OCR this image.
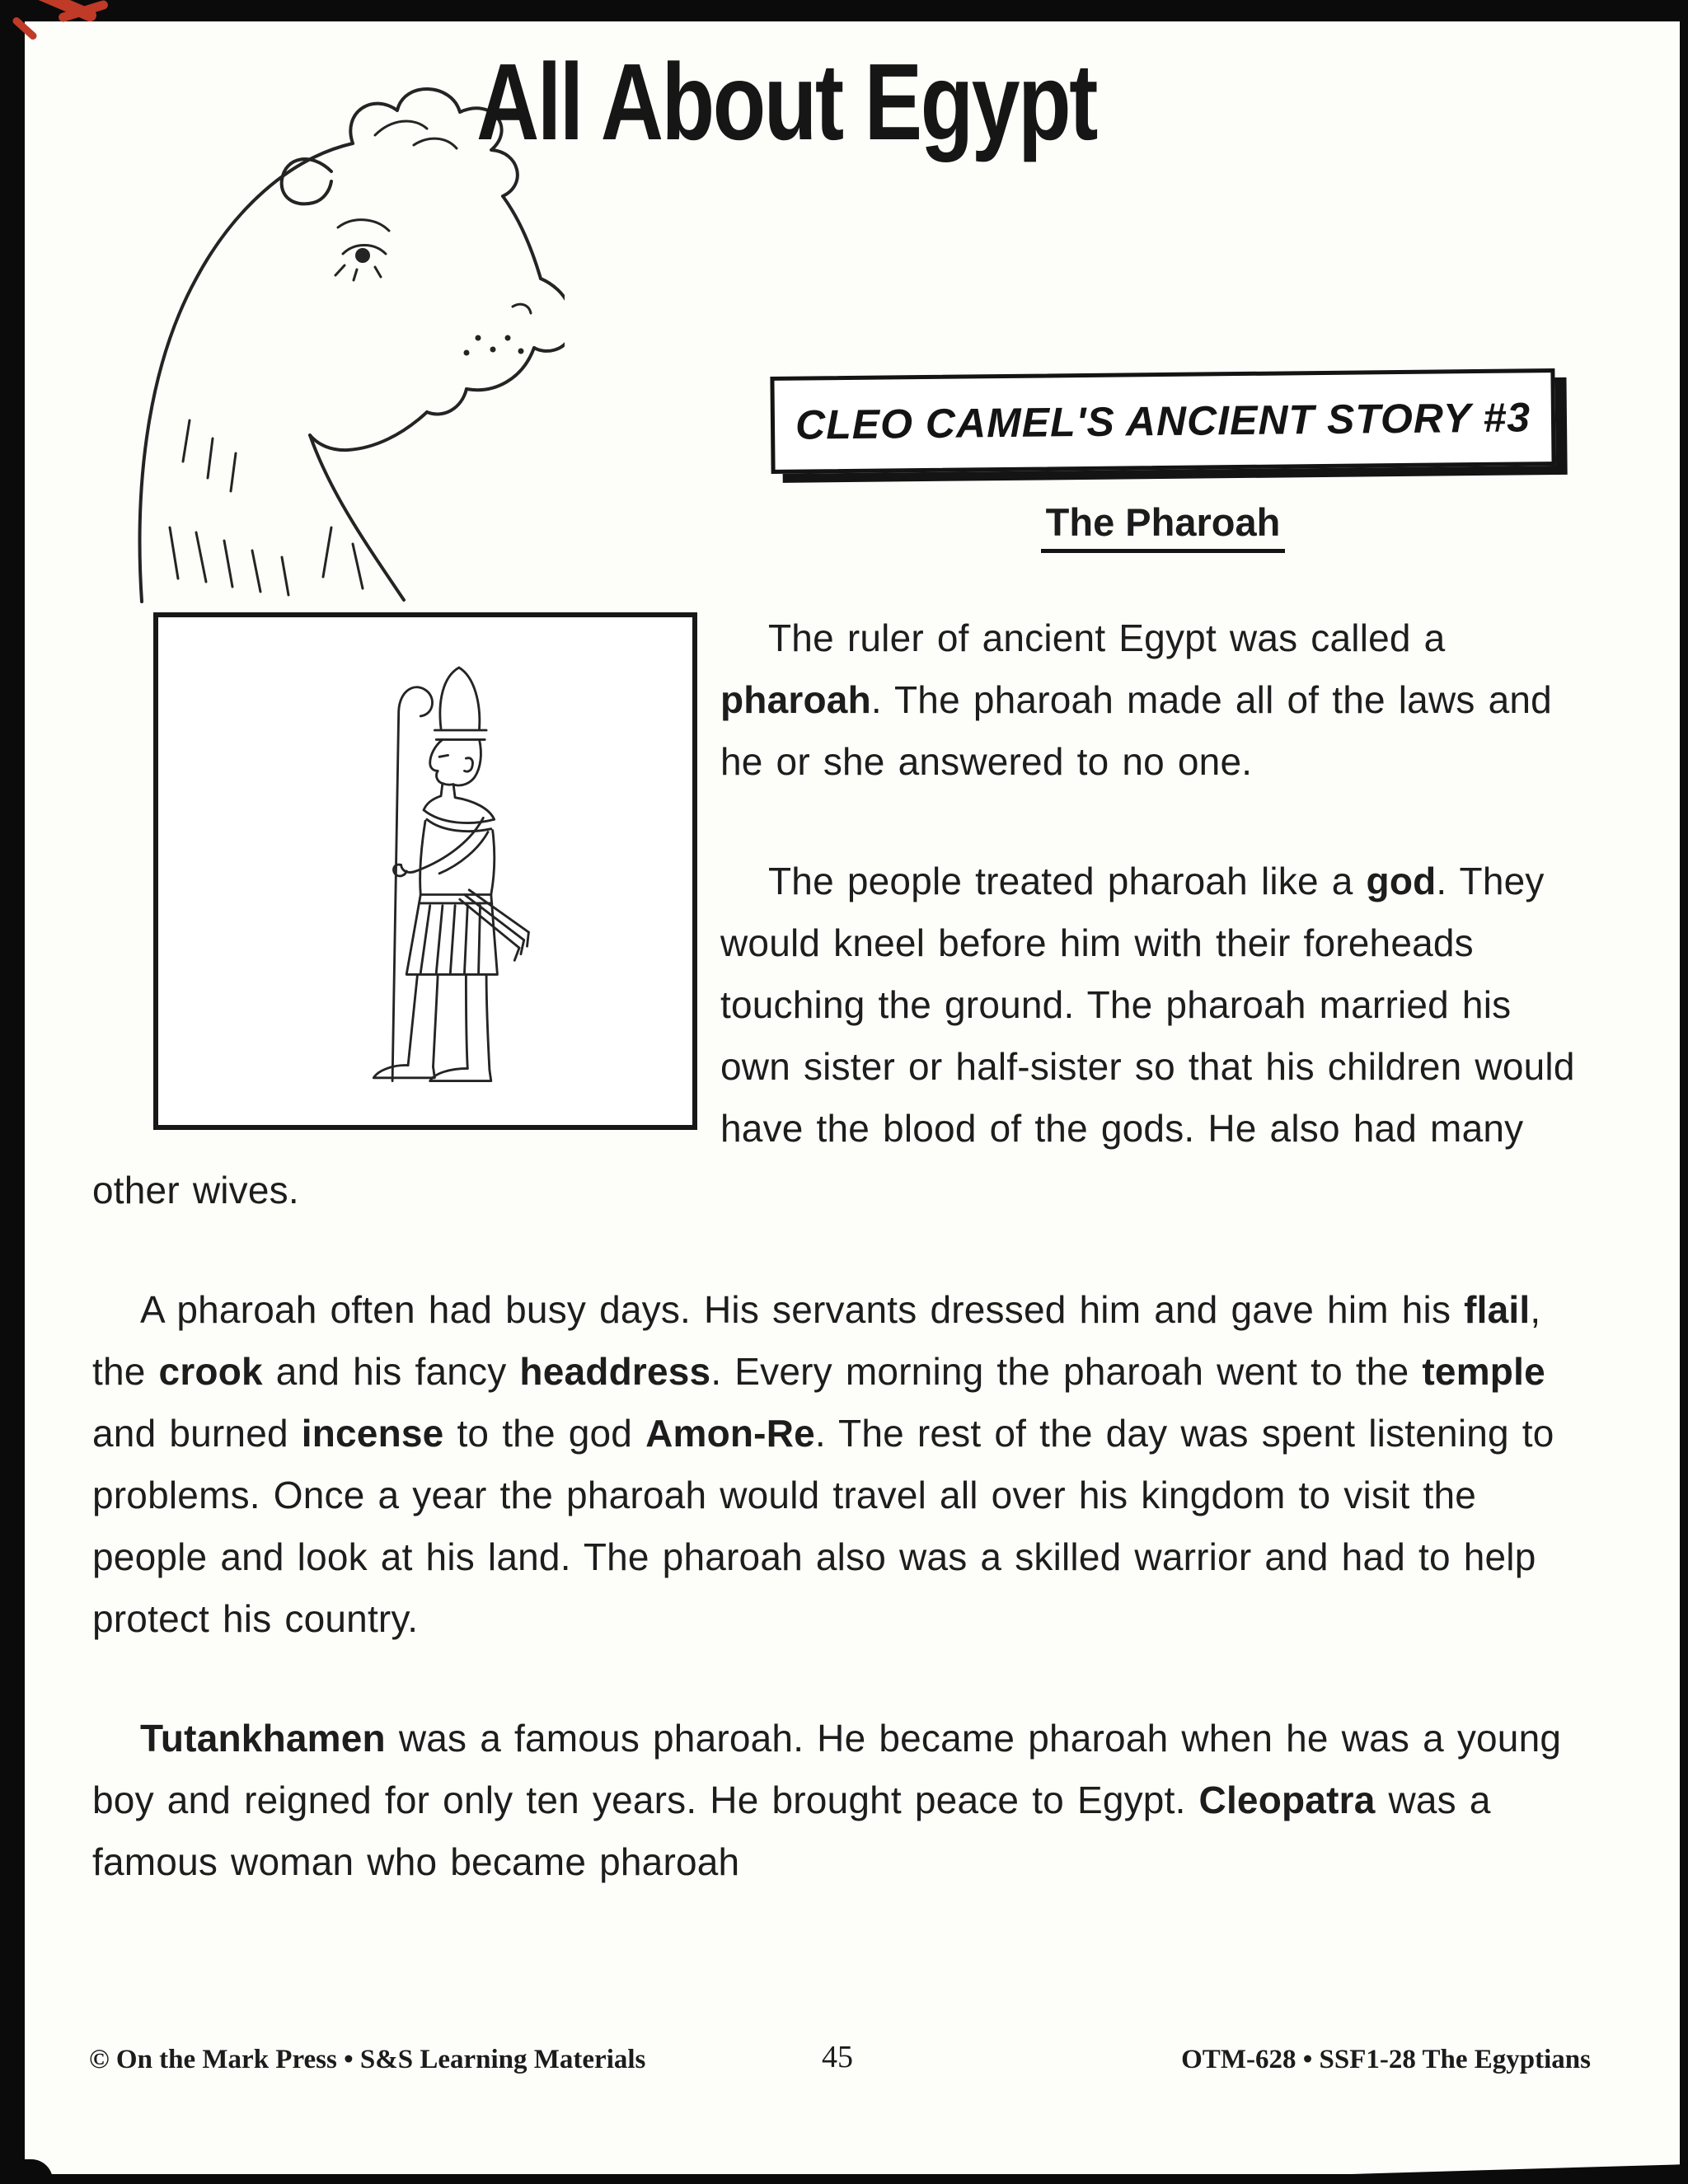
All About Egypt
CLEO CAMEL'S ANCIENT STORY #3
The Pharoah

The ruler of ancient Egypt was called a pharoah. The pharoah made all of the laws and he or she answered to no one.

The people treated pharoah like a god. They would kneel before him with their foreheads touching the ground. The pharoah married his own sister or half-sister so that his children would have the blood of the gods. He also had many other wives.

A pharoah often had busy days. His servants dressed him and gave him his flail, the crook and his fancy headdress. Every morning the pharoah went to the temple and burned incense to the god Amon-Re. The rest of the day was spent listening to problems. Once a year the pharoah would travel all over his kingdom to visit the people and look at his land. The pharoah also was a skilled warrior and had to help protect his country.

Tutankhamen was a famous pharoah. He became pharoah when he was a young boy and reigned for only ten years. He brought peace to Egypt. Cleopatra was a famous woman who became pharoah

© On the Mark Press • S&S Learning Materials	45	OTM-628 • SSF1-28 The Egyptians
